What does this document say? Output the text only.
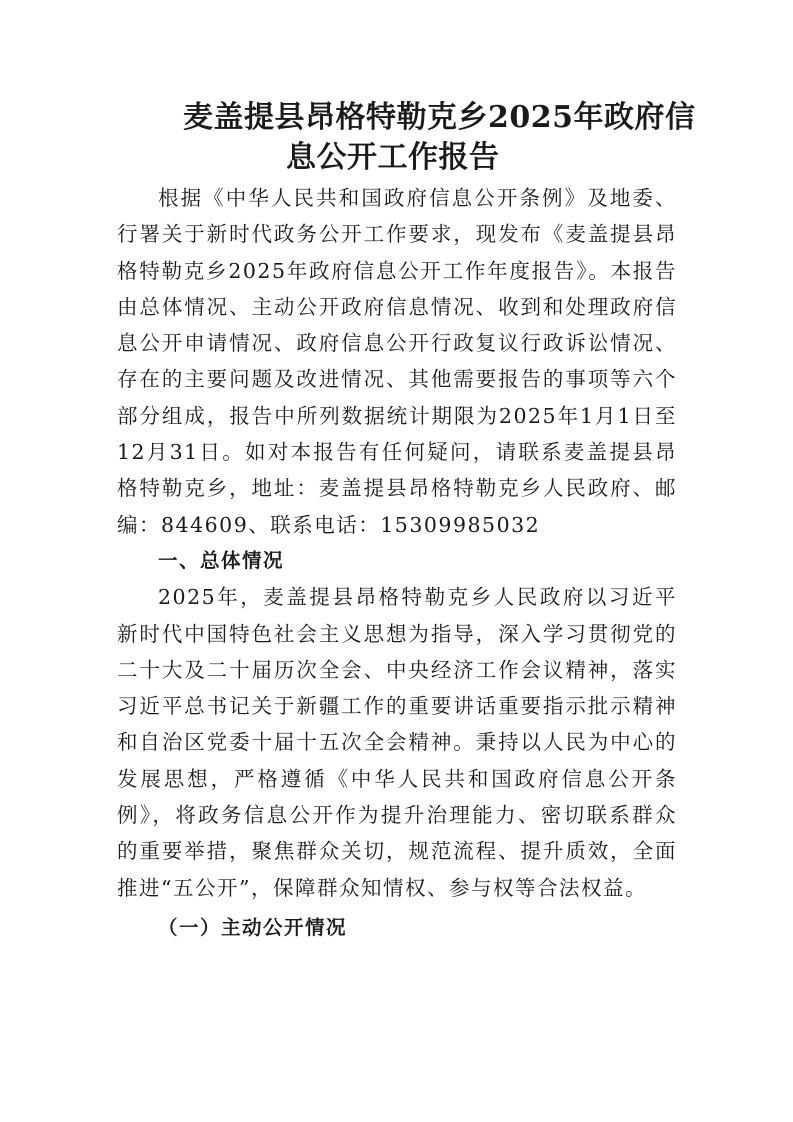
麦盖提县昂格特勒克乡2025年政府信
息公开工作报告

根据《中华人民共和国政府信息公开条例》及地委、行署关于新时代政务公开工作要求，现发布《麦盖提县昂格特勒克乡2025年政府信息公开工作年度报告》。本报告由总体情况、主动公开政府信息情况、收到和处理政府信息公开申请情况、政府信息公开行政复议行政诉讼情况、存在的主要问题及改进情况、其他需要报告的事项等六个部分组成，报告中所列数据统计期限为2025年1月1日至12月31日。如对本报告有任何疑问，请联系麦盖提县昂格特勒克乡，地址：麦盖提县昂格特勒克乡人民政府、邮编：844609、联系电话：15309985032

一、总体情况

2025年，麦盖提县昂格特勒克乡人民政府以习近平新时代中国特色社会主义思想为指导，深入学习贯彻党的二十大及二十届历次全会、中央经济工作会议精神，落实习近平总书记关于新疆工作的重要讲话重要指示批示精神和自治区党委十届十五次全会精神。秉持以人民为中心的发展思想，严格遵循《中华人民共和国政府信息公开条例》，将政务信息公开作为提升治理能力、密切联系群众的重要举措，聚焦群众关切，规范流程、提升质效，全面推进“五公开”，保障群众知情权、参与权等合法权益。

（一）主动公开情况
